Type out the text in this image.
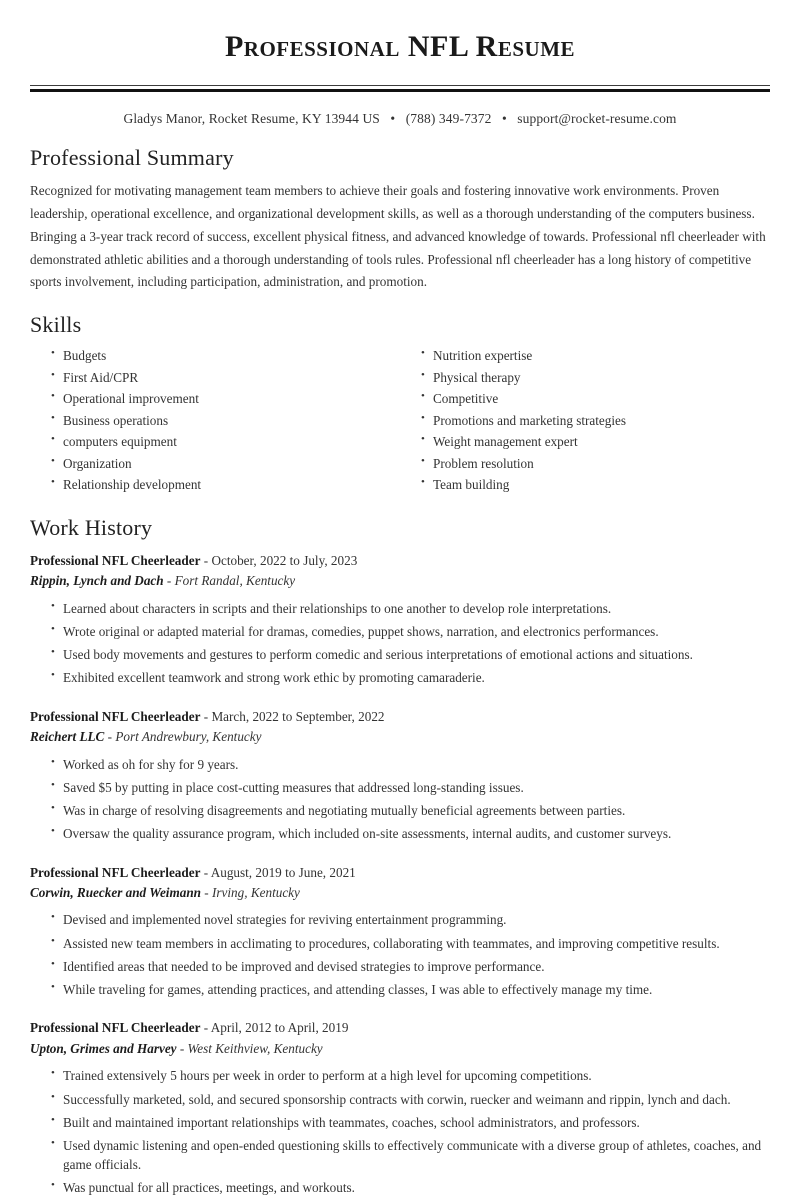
Professional NFL Resume
Gladys Manor, Rocket Resume, KY 13944 US • (788) 349-7372 • support@rocket-resume.com
Professional Summary

Recognized for motivating management team members to achieve their goals and fostering innovative work environments. Proven leadership, operational excellence, and organizational development skills, as well as a thorough understanding of the computers business. Bringing a 3-year track record of success, excellent physical fitness, and advanced knowledge of towards. Professional nfl cheerleader with demonstrated athletic abilities and a thorough understanding of tools rules. Professional nfl cheerleader has a long history of competitive sports involvement, including participation, administration, and promotion.

Skills
• Budgets
• First Aid/CPR
• Operational improvement
• Business operations
• computers equipment
• Organization
• Relationship development
• Nutrition expertise
• Physical therapy
• Competitive
• Promotions and marketing strategies
• Weight management expert
• Problem resolution
• Team building
Work History
Professional NFL Cheerleader - October, 2022 to July, 2023
Rippin, Lynch and Dach - Fort Randal, Kentucky
• Learned about characters in scripts and their relationships to one another to develop role interpretations.
• Wrote original or adapted material for dramas, comedies, puppet shows, narration, and electronics performances.
• Used body movements and gestures to perform comedic and serious interpretations of emotional actions and situations.
• Exhibited excellent teamwork and strong work ethic by promoting camaraderie.
Professional NFL Cheerleader - March, 2022 to September, 2022
Reichert LLC - Port Andrewbury, Kentucky
• Worked as oh for shy for 9 years.
• Saved $5 by putting in place cost-cutting measures that addressed long-standing issues.
• Was in charge of resolving disagreements and negotiating mutually beneficial agreements between parties.
• Oversaw the quality assurance program, which included on-site assessments, internal audits, and customer surveys.
Professional NFL Cheerleader - August, 2019 to June, 2021
Corwin, Ruecker and Weimann - Irving, Kentucky
• Devised and implemented novel strategies for reviving entertainment programming.
• Assisted new team members in acclimating to procedures, collaborating with teammates, and improving competitive results.
• Identified areas that needed to be improved and devised strategies to improve performance.
• While traveling for games, attending practices, and attending classes, I was able to effectively manage my time.
Professional NFL Cheerleader - April, 2012 to April, 2019
Upton, Grimes and Harvey - West Keithview, Kentucky
• Trained extensively 5 hours per week in order to perform at a high level for upcoming competitions.
• Successfully marketed, sold, and secured sponsorship contracts with corwin, ruecker and weimann and rippin, lynch and dach.
• Built and maintained important relationships with teammates, coaches, school administrators, and professors.
• Used dynamic listening and open-ended questioning skills to effectively communicate with a diverse group of athletes, coaches, and game officials.
• Was punctual for all practices, meetings, and workouts.
